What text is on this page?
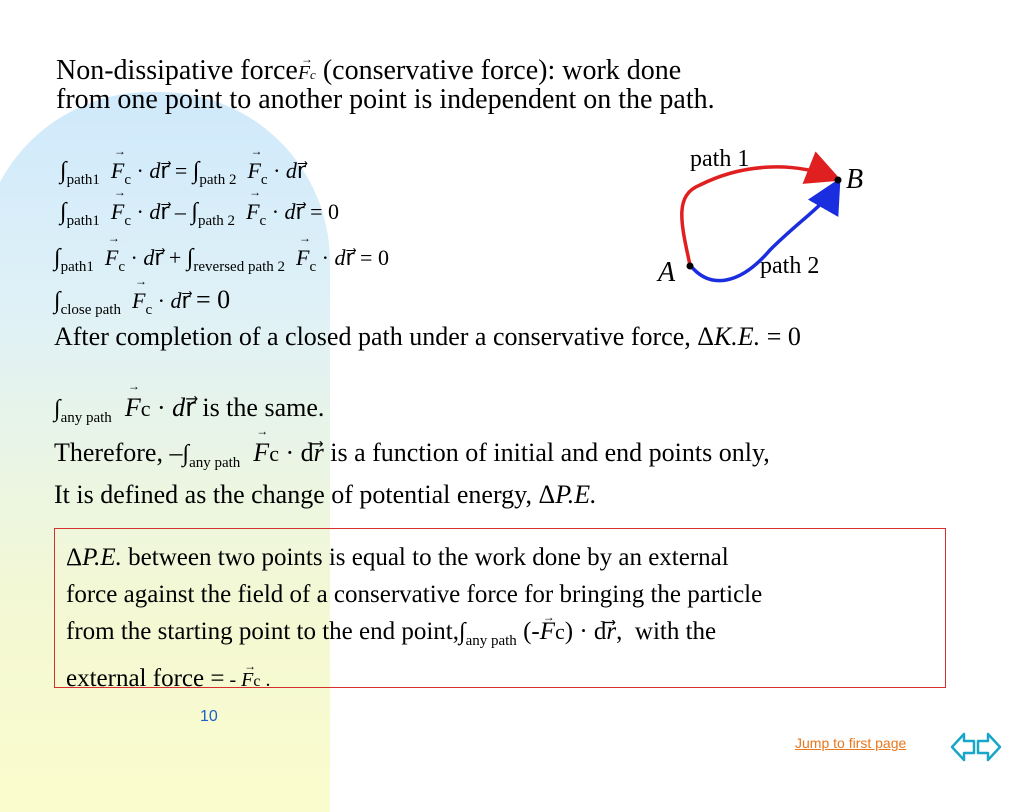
Non-dissipative force→ Fc (conservative force): work done
from one point to another point is independent on the path.
$\int_{path1} \to F_c$ · dr⃗ = $\int_{path 2} \to F_c$ · dr⃗
$\int_{path1} \to F_c$ · dr⃗ – $\int_{path 2} \to F_c$ · dr⃗ = 0
$\int_{path1} \to F_c$ · dr⃗ + $\int_{reversed path 2} \to F_c$ · dr⃗ = 0
$\int_{close path} \to F_c$ · dr⃗ = 0
After completion of a closed path under a conservative force, ΔK.E. = 0
$\int_{any path} \to Fc$ · dr⃗ is the same.
Therefore, $-\int_{any path} \to Fc$ · dr⃗ is a function of initial and end points only,
It is defined as the change of potential energy, ΔP.E.
ΔP.E. between two points is equal to the work done by an external
force against the field of a conservative force for bringing the particle
from the starting point to the end $point,\int_{any path}$ (-→ Fc) · dr⃗,  with the
external force = - → Fc .
path 1
path 2
A
B
10
Jump to first page
